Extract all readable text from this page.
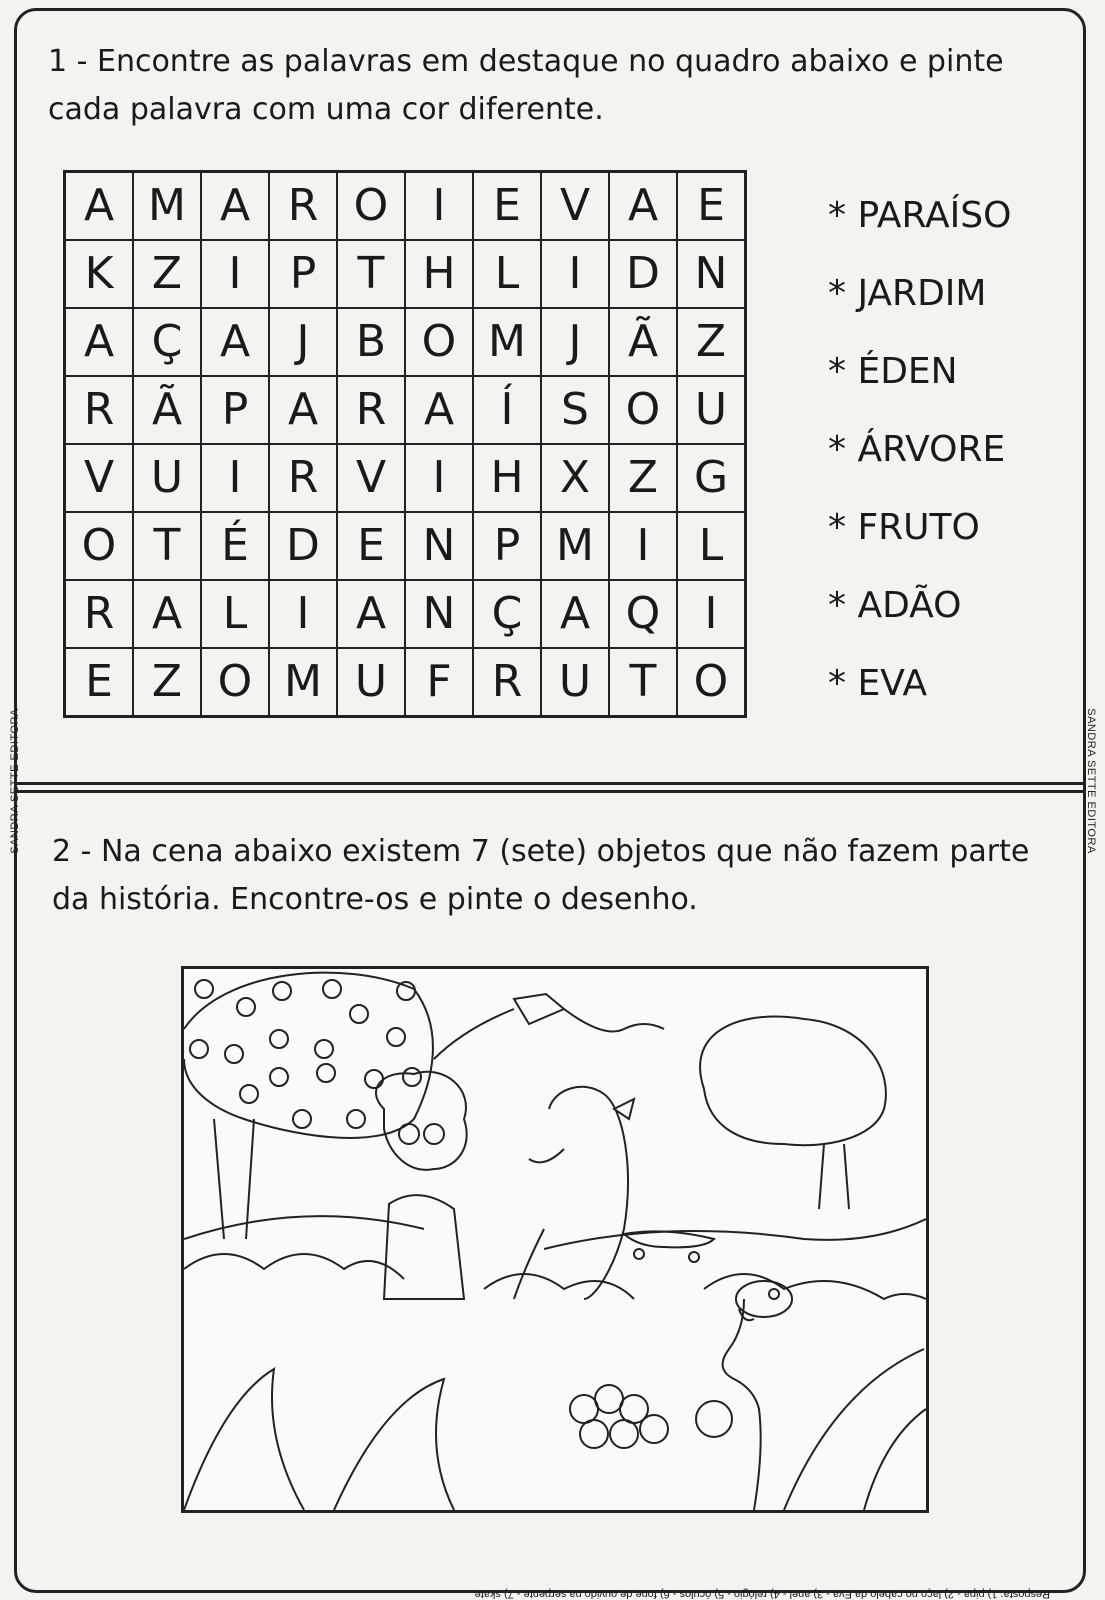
SANDRA SETTE EDITORA	SANDRA SETTE EDITORA

1 - Encontre as palavras em destaque no quadro abaixo e pinte cada palavra com uma cor diferente.

A M A R O	I	E V A E
K Z	I	P T H L	I	D N
A Ç A	J	B O M J	Ã Z
R Ã P A R A	Í	S O U
V U	I	R V	I	H X Z G
O T É D E N P M I	L
R A L	I	A N Ç A Q	I
E Z O M U F R U T O
* PARAÍSO
* JARDIM
* ÉDEN
* ÁRVORE
* FRUTO
* ADÃO
* EVA

2 - Na cena abaixo existem 7 (sete) objetos que não fazem parte da história. Encontre-os e pinte o desenho.

Resposta: 1) pipa - 2) laço no cabelo da Eva - 3) anel - 4) relógio - 5) óculos - 6) fone de ouvido na serpente - 7) skate
